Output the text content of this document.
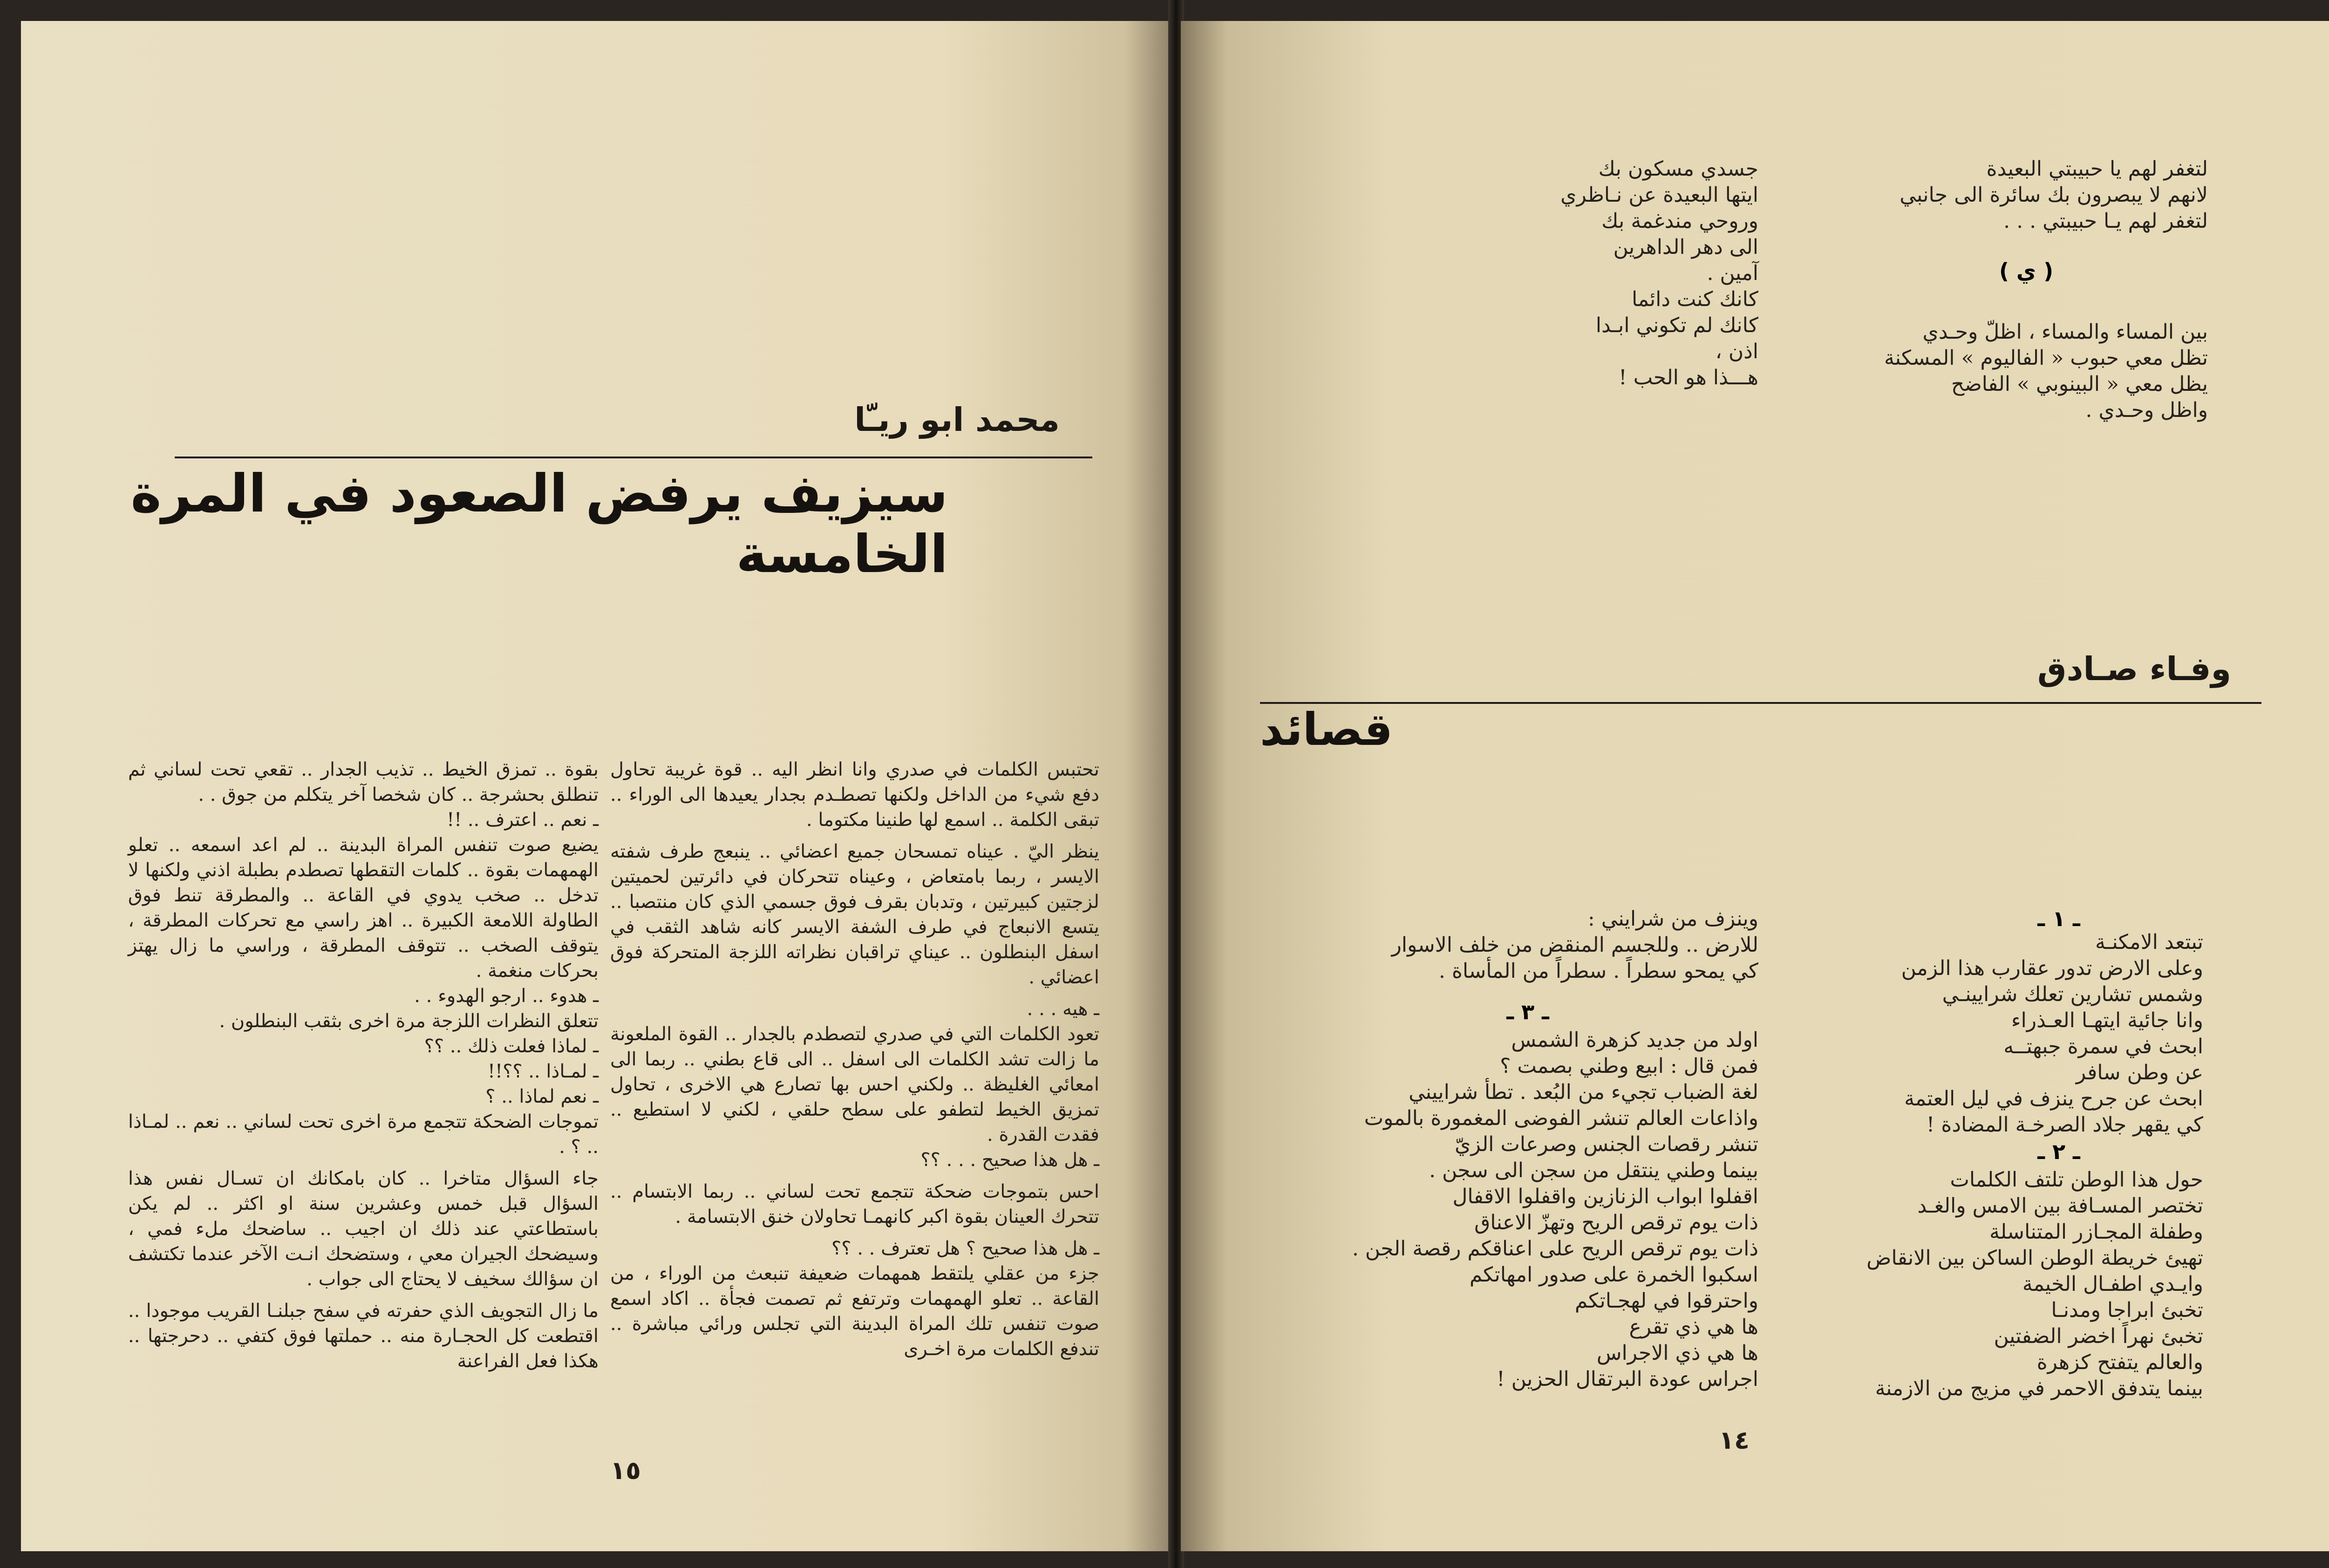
محمد ابو ريـّا
سيزيف يرفض الصعود في المرة الخامسة

تحتبس الكلمات في صدري وانا انظر اليه .. قوة غريبة تحاول دفع شيء من الداخل ولكنها تصطـدم بجدار يعيدها الى الوراء .. تبقى الكلمة .. اسمع لها طنينا مكتوما .

ينظر اليّ . عيناه تمسحان جميع اعضائي .. ينبعج طرف شفته الايسر ، ربما بامتعاض ، وعيناه تتحركان في دائرتين لحميتين لزجتين كبيرتين ، وتدبان بقرف فوق جسمي الذي كان منتصبا .. يتسع الانبعاج في طرف الشفة الايسر كانه شاهد الثقب في اسفل البنطلون .. عيناي تراقبان نظراته اللزجة المتحركة فوق اعضائي .

ـ هيه . . .

تعود الكلمات التي في صدري لتصطدم بالجدار .. القوة الملعونة ما زالت تشد الكلمات الى اسفل .. الى قاع بطني .. ربما الى امعائي الغليظة .. ولكني احس بها تصارع هي الاخرى ، تحاول تمزيق الخيط لتطفو على سطح حلقي ، لكني لا استطيع .. فقدت القدرة .

ـ هل هذا صحيح . . . ؟؟

احس بتموجات ضحكة تتجمع تحت لساني .. ربما الابتسام .. تتحرك العينان بقوة اكبر كانهمـا تحاولان خنق الابتسامة .

ـ هل هذا صحيح ؟ هل تعترف . . ؟؟

جزء من عقلي يلتقط همهمات ضعيفة تنبعث من الوراء ، من القاعة .. تعلو الهمهمات وترتفع ثم تصمت فجأة .. اكاد اسمع صوت تنفس تلك المراة البدينة التي تجلس ورائي مباشرة .. تندفع الكلمات مرة اخـرى

بقوة .. تمزق الخيط .. تذيب الجدار .. تقعي تحت لساني ثم تنطلق بحشرجة .. كان شخصا آخر يتكلم من جوق . .

ـ نعم .. اعترف .. !!

يضيع صوت تنفس المراة البدينة .. لم اعد اسمعه .. تعلو الهمهمات بقوة .. كلمات التقطها تصطدم بطبلة اذني ولكنها لا تدخل .. صخب يدوي في القاعة .. والمطرقة تنط فوق الطاولة اللامعة الكبيرة .. اهز راسي مع تحركات المطرقة ، يتوقف الصخب .. تتوقف المطرقة ، وراسي ما زال يهتز بحركات منغمة .

ـ هدوء .. ارجو الهدوء . .

تتعلق النظرات اللزجة مرة اخرى بثقب البنطلون .

ـ لماذا فعلت ذلك .. ؟؟

ـ لمـاذا .. ؟؟!!

ـ نعم لماذا .. ؟

تموجات الضحكة تتجمع مرة اخرى تحت لساني .. نعم .. لمـاذا .. ؟ .

جاء السؤال متاخرا .. كان بامكانك ان تسـال نفس هذا السؤال قبل خمس وعشرين سنة او اكثر .. لم يكن باستطاعتي عند ذلك ان اجيب .. ساضحك ملء فمي ، وسيضحك الجيران معي ، وستضحك انـت الآخر عندما تكتشف ان سؤالك سخيف لا يحتاج الى جواب .

ما زال التجويف الذي حفرته في سفح جبلنـا القريب موجودا .. اقتطعت كل الحجـارة منه .. حملتها فوق كتفي .. دحرجتها .. هكذا فعل الفراعنة

١٥
لتغفر لهم يا حبيبتي البعيدة
لانهم لا يبصرون بك سائرة الى جانبي
لتغفر لهم يـا حبيبتي . . .
( ي )
بين المساء والمساء ، اظلّ وحـدي
تظل معي حبوب « الفاليوم » المسكنة
يظل معي « البينوبي » الفاضح
واظل وحـدي .
جسدي مسكون بك
ايتها البعيدة عن نـاظري
وروحي مندغمة بك
الى دهر الداهرين
آمين .
كانك كنت دائما
كانك لم تكوني ابـدا
اذن ،
هـــذا هو الحب !
وفـاء صـادق
قصائد
ـ ١ ـ
تبتعد الامكنـة
وعلى الارض تدور عقارب هذا الزمن
وشمس تشارين تعلك شرايينـي
وانا جائية ايتهـا العـذراء
ابحث في سمرة جبهتــه
عن وطن سافر
ابحث عن جرح ينزف في ليل العتمة
كي يقهر جلاد الصرخـة المضادة !
ـ ٢ ـ
حول هذا الوطن تلتف الكلمات
تختصر المسـافة بين الامس والغـد
وطفلة المجـازر المتناسلة
تهيئ خريطة الوطن الساكن بين الانقاض
وايـدي اطفـال الخيمة
تخبئ ابراجا ومدنـا
تخبئ نهراً اخضر الضفتين
والعالم يتفتح كزهرة
بينما يتدفق الاحمر في مزيج من الازمنة
وينزف من شرايني :
للارض .. وللجسم المنقض من خلف الاسوار
كي يمحو سطراً . سطراً من المأساة .
ـ ٣ ـ
اولد من جديد كزهرة الشمس
فمن قال : ابيع وطني بصمت ؟
لغة الضباب تجيء من البُعد . تطأ شراييني
واذاعات العالم تنشر الفوضى المغمورة بالموت
تنشر رقصات الجنس وصرعات الزيّ
بينما وطني ينتقل من سجن الى سجن .
اقفلوا ابواب الزنازين واقفلوا الاقفال
ذات يوم ترقص الريح وتهزّ الاعناق
ذات يوم ترقص الريح على اعناقكم رقصة الجن .
اسكبوا الخمرة على صدور امهاتكم
واحترقوا في لهجـاتكم
ها هي ذي تقرع
ها هي ذي الاجراس
اجراس عودة البرتقال الحزين !
١٤
